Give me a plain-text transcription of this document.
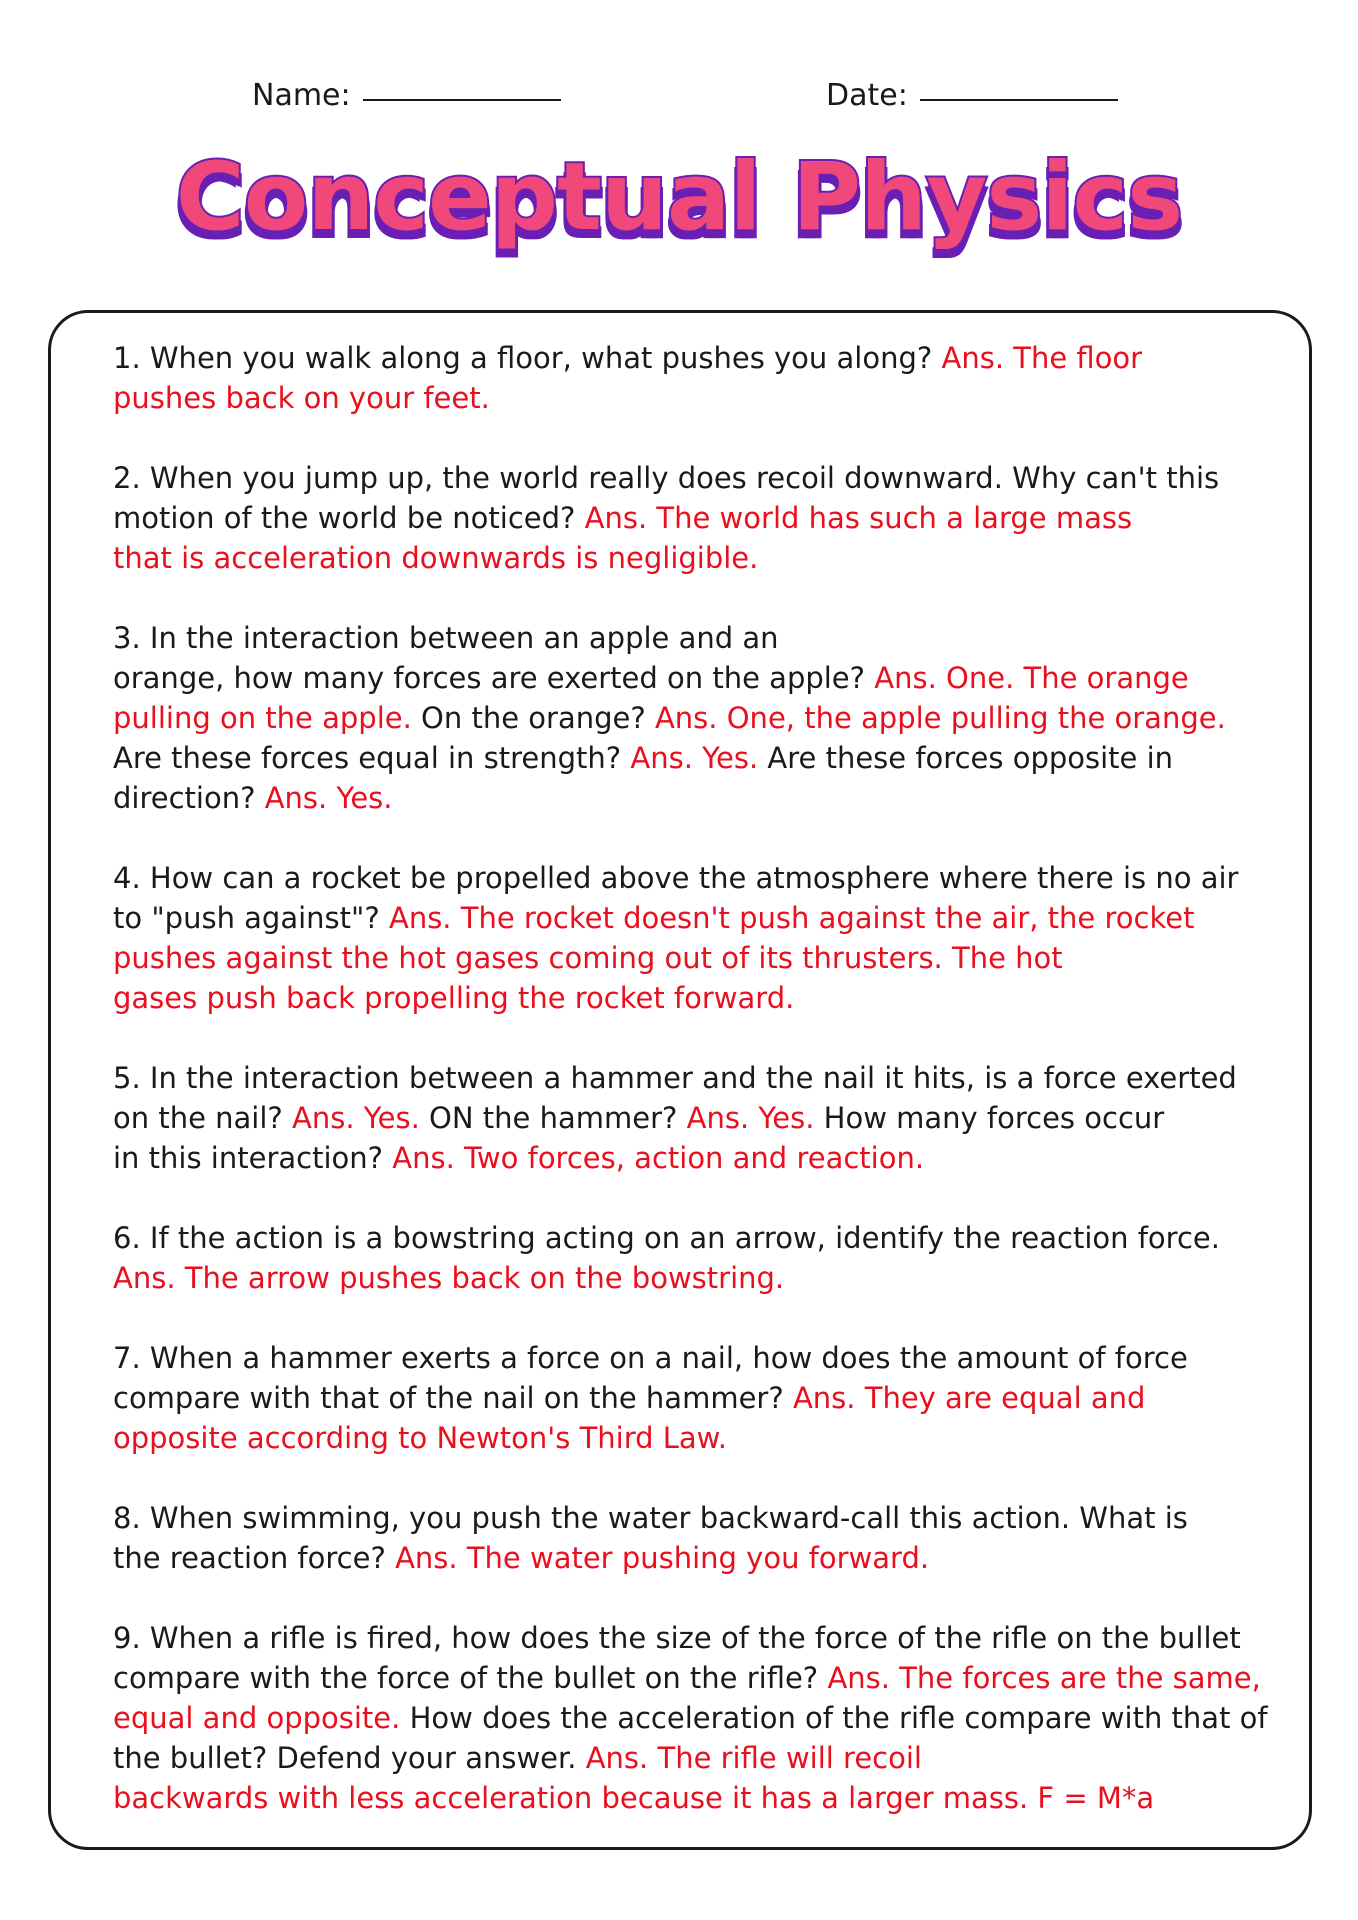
Name:	Date:
Conceptual Physics

1. When you walk along a floor, what pushes you along? Ans. The floor
pushes back on your feet.

2. When you jump up, the world really does recoil downward. Why can't this
motion of the world be noticed? Ans. The world has such a large mass
that is acceleration downwards is negligible.

3. In the interaction between an apple and an
orange, how many forces are exerted on the apple? Ans. One. The orange
pulling on the apple. On the orange? Ans. One, the apple pulling the orange.
Are these forces equal in strength? Ans. Yes. Are these forces opposite in
direction? Ans. Yes.

4. How can a rocket be propelled above the atmosphere where there is no air
to "push against"? Ans. The rocket doesn't push against the air, the rocket
pushes against the hot gases coming out of its thrusters. The hot
gases push back propelling the rocket forward.

5. In the interaction between a hammer and the nail it hits, is a force exerted
on the nail? Ans. Yes. ON the hammer? Ans. Yes. How many forces occur
in this interaction? Ans. Two forces, action and reaction.

6. If the action is a bowstring acting on an arrow, identify the reaction force.
Ans. The arrow pushes back on the bowstring.

7. When a hammer exerts a force on a nail, how does the amount of force
compare with that of the nail on the hammer? Ans. They are equal and
opposite according to Newton's Third Law.

8. When swimming, you push the water backward-call this action. What is
the reaction force? Ans. The water pushing you forward.

9. When a rifle is fired, how does the size of the force of the rifle on the bullet
compare with the force of the bullet on the rifle? Ans. The forces are the same,
equal and opposite. How does the acceleration of the rifle compare with that of
the bullet? Defend your answer. Ans. The rifle will recoil
backwards with less acceleration because it has a larger mass. F = M*a
